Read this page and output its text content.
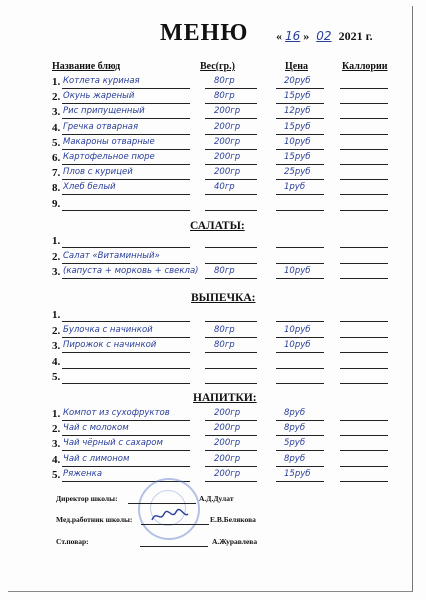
МЕНЮ « 16 » 02 2021 г.
Название блюд	Вес(гр.)	Цена	Каллории
1. Котлета куриная	80гр	20руб
2. Окунь жареный	80гр	15руб
3. Рис припущенный	200гр	12руб
4. Гречка отварная	200гр	15руб
5. Макароны отварные	200гр	10руб
6. Картофельное пюре	200гр	15руб
7. Плов с курицей	200гр	25руб
8. Хлеб белый	40гр	1руб
9.
САЛАТЫ:
1.
2. Салат «Витаминный»
3. (капуста + морковь + свекла) 80гр	10руб
ВЫПЕЧКА:
1.
2. Булочка с начинкой	80гр	10руб
3. Пирожок с начинкой	80гр	10руб
4.
5.
НАПИТКИ:
1. Компот из сухофруктов	200гр	8руб
2. Чай с молоком	200гр	8руб
3. Чай чёрный с сахаром	200гр	5руб
4. Чай с лимоном	200гр	8руб
5. Ряженка	200гр	15руб
Директор школы:	А.Д.Дулат
Мед.работник школы:	Е.В.Белякова
Ст.повар:	А.Журавлева
